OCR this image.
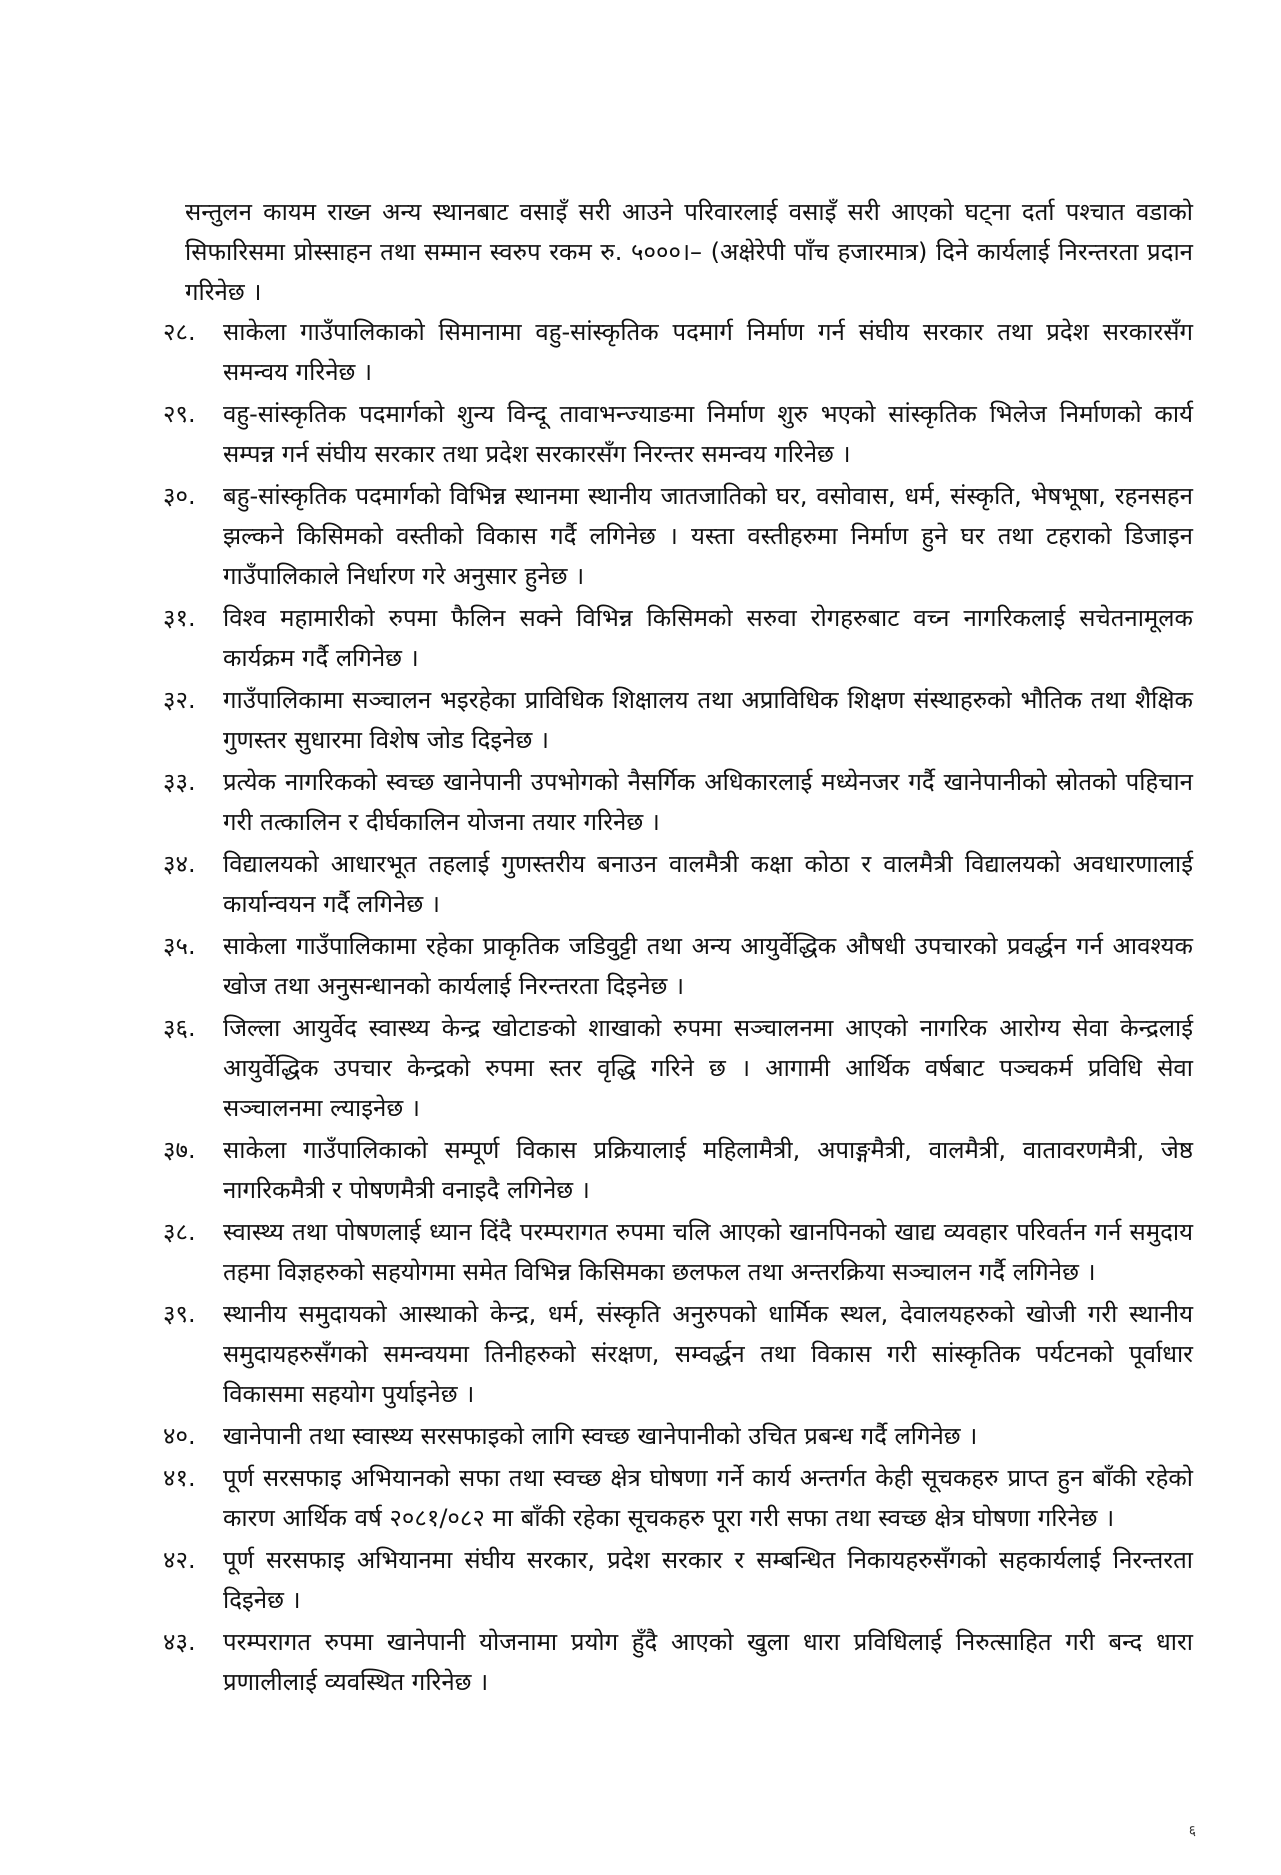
सन्तुलन कायम राख्न अन्य स्थानबाट वसाइँ सरी आउने परिवारलाई वसाइँ सरी आएको घट्ना दर्ता पश्चात वडाको सिफारिसमा प्रोस्साहन तथा सम्मान स्वरुप रकम रु. ५०००।– (अक्षेरेपी पाँच हजारमात्र) दिने कार्यलाई निरन्तरता प्रदान गरिनेछ ।

२८.	साकेला गाउँपालिकाको सिमानामा वहु-सांस्कृतिक पदमार्ग निर्माण गर्न संघीय सरकार तथा प्रदेश सरकारसँग समन्वय गरिनेछ ।
२९.	वहु-सांस्कृतिक पदमार्गको शुन्य विन्दू तावाभन्ज्याङमा निर्माण शुरु भएको सांस्कृतिक भिलेज निर्माणको कार्य सम्पन्न गर्न संघीय सरकार तथा प्रदेश सरकारसँग निरन्तर समन्वय गरिनेछ ।
३०.	बहु-सांस्कृतिक पदमार्गको विभिन्न स्थानमा स्थानीय जातजातिको घर, वसोवास, धर्म, संस्कृति, भेषभूषा, रहनसहन झल्कने किसिमको वस्तीको विकास गर्दै लगिनेछ । यस्ता वस्तीहरुमा निर्माण हुने घर तथा टहराको डिजाइन गाउँपालिकाले निर्धारण गरे अनुसार हुनेछ ।
३१.	विश्व महामारीको रुपमा फैलिन सक्ने विभिन्न किसिमको सरुवा रोगहरुबाट वच्न नागरिकलाई सचेतनामूलक कार्यक्रम गर्दै लगिनेछ ।
३२.	गाउँपालिकामा सञ्चालन भइरहेका प्राविधिक शिक्षालय तथा अप्राविधिक शिक्षण संस्थाहरुको भौतिक तथा शैक्षिक गुणस्तर सुधारमा विशेष जोड दिइनेछ ।
३३.	प्रत्येक नागरिकको स्वच्छ खानेपानी उपभोगको नैसर्गिक अधिकारलाई मध्येनजर गर्दै खानेपानीको स्रोतको पहिचान गरी तत्कालिन र दीर्घकालिन योजना तयार गरिनेछ ।
३४.	विद्यालयको आधारभूत तहलाई गुणस्तरीय बनाउन वालमैत्री कक्षा कोठा र वालमैत्री विद्यालयको अवधारणालाई कार्यान्वयन गर्दै लगिनेछ ।
३५.	साकेला गाउँपालिकामा रहेका प्राकृतिक जडिवुट्टी तथा अन्य आयुर्वेद्धिक औषधी उपचारको प्रवर्द्धन गर्न आवश्यक खोज तथा अनुसन्धानको कार्यलाई निरन्तरता दिइनेछ ।
३६.	जिल्ला आयुर्वेद स्वास्थ्य केन्द्र खोटाङको शाखाको रुपमा सञ्चालनमा आएको नागरिक आरोग्य सेवा केन्द्रलाई आयुर्वेद्धिक उपचार केन्द्रको रुपमा स्तर वृद्धि गरिने छ । आगामी आर्थिक वर्षबाट पञ्चकर्म प्रविधि सेवा सञ्चालनमा ल्याइनेछ ।
३७.	साकेला गाउँपालिकाको सम्पूर्ण विकास प्रक्रियालाई महिलामैत्री, अपाङ्गमैत्री, वालमैत्री, वातावरणमैत्री, जेष्ठ नागरिकमैत्री र पोषणमैत्री वनाइदै लगिनेछ ।
३८.	स्वास्थ्य तथा पोषणलाई ध्यान दिंदै परम्परागत रुपमा चलि आएको खानपिनको खाद्य व्यवहार परिवर्तन गर्न समुदाय तहमा विज्ञहरुको सहयोगमा समेत विभिन्न किसिमका छलफल तथा अन्तरक्रिया सञ्चालन गर्दै लगिनेछ ।
३९.	स्थानीय समुदायको आस्थाको केन्द्र, धर्म, संस्कृति अनुरुपको धार्मिक स्थल, देवालयहरुको खोजी गरी स्थानीय समुदायहरुसँगको समन्वयमा तिनीहरुको संरक्षण, सम्वर्द्धन तथा विकास गरी सांस्कृतिक पर्यटनको पूर्वाधार विकासमा सहयोग पुर्याइनेछ ।
४०.	खानेपानी तथा स्वास्थ्य सरसफाइको लागि स्वच्छ खानेपानीको उचित प्रबन्ध गर्दै लगिनेछ ।
४१.	पूर्ण सरसफाइ अभियानको सफा तथा स्वच्छ क्षेत्र घोषणा गर्ने कार्य अन्तर्गत केही सूचकहरु प्राप्त हुन बाँकी रहेको कारण आर्थिक वर्ष २०८१/०८२ मा बाँकी रहेका सूचकहरु पूरा गरी सफा तथा स्वच्छ क्षेत्र घोषणा गरिनेछ ।
४२.	पूर्ण सरसफाइ अभियानमा संघीय सरकार, प्रदेश सरकार र सम्बन्धित निकायहरुसँगको सहकार्यलाई निरन्तरता दिइनेछ ।
४३.	परम्परागत रुपमा खानेपानी योजनामा प्रयोग हुँदै आएको खुला धारा प्रविधिलाई निरुत्साहित गरी बन्द धारा प्रणालीलाई व्यवस्थित गरिनेछ ।
६
